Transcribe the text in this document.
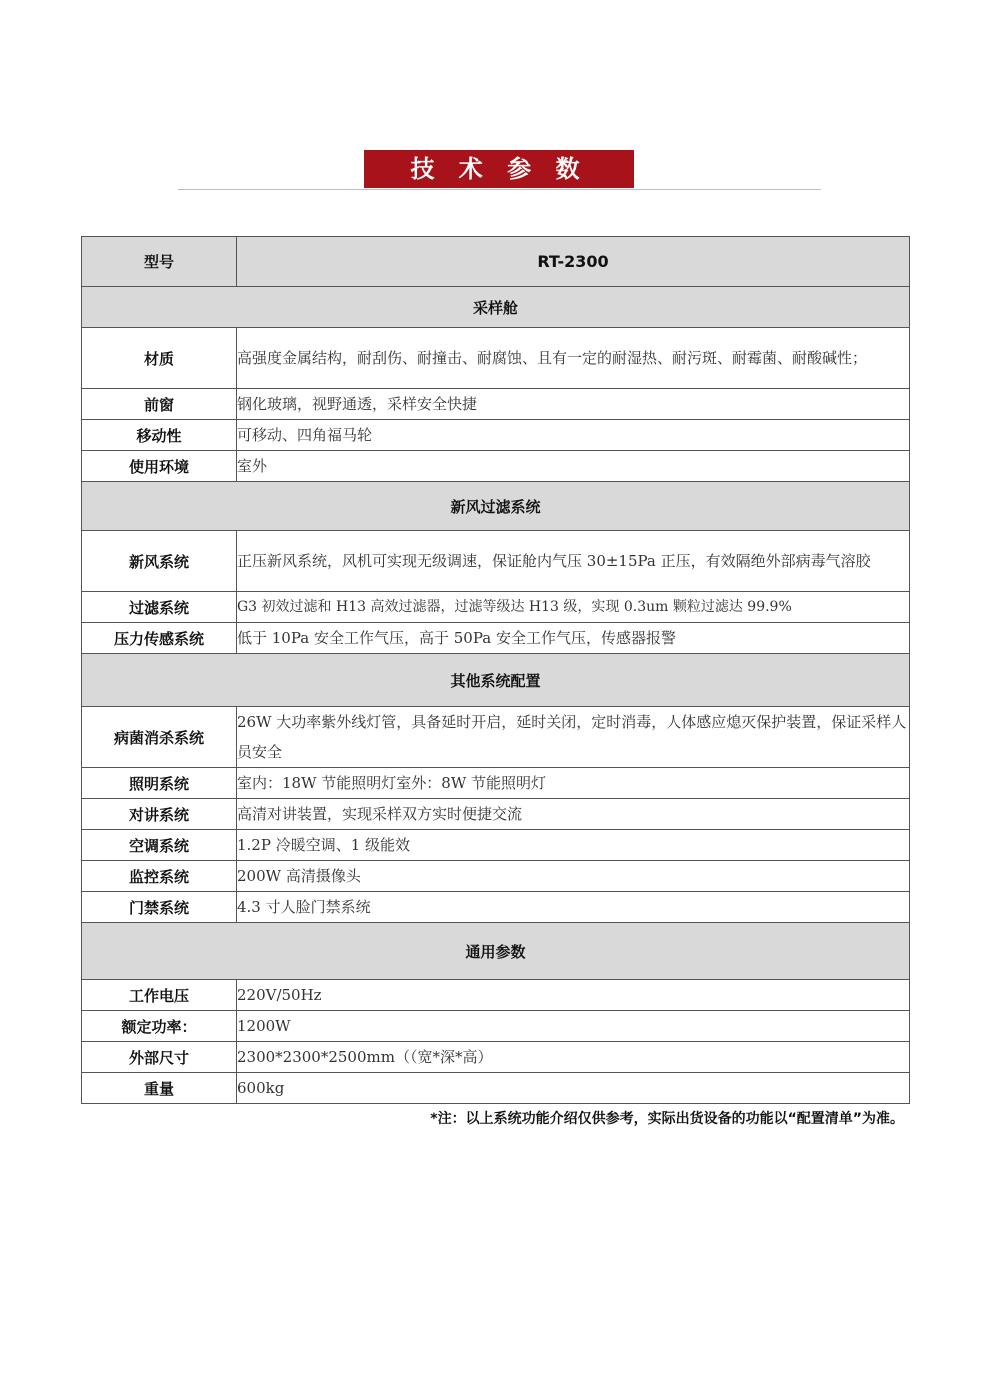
技 术 参 数
型号	RT-2300
采样舱	
材质	高强度金属结构，耐刮伤、耐撞击、耐腐蚀、且有一定的耐湿热、耐污斑、耐霉菌、耐酸碱性；
前窗	钢化玻璃，视野通透，采样安全快捷
移动性	可移动、四角福马轮
使用环境	室外
新风过滤系统	
新风系统	正压新风系统，风机可实现无级调速，保证舱内气压 30±15Pa 正压，有效隔绝外部病毒气溶胶
过滤系统	G3 初效过滤和 H13 高效过滤器，过滤等级达 H13 级，实现 0.3um 颗粒过滤达 99.9%
压力传感系统	低于 10Pa 安全工作气压，高于 50Pa 安全工作气压，传感器报警
其他系统配置	
病菌消杀系统	26W 大功率紫外线灯管，具备延时开启，延时关闭，定时消毒，人体感应熄灭保护装置，保证采样人员安全
照明系统	室内：18W 节能照明灯室外：8W 节能照明灯
对讲系统	高清对讲装置，实现采样双方实时便捷交流
空调系统	1.2P 冷暖空调、1 级能效
监控系统	200W 高清摄像头
门禁系统	4.3 寸人脸门禁系统
通用参数	
工作电压	220V/50Hz
额定功率：	1200W
外部尺寸	2300*2300*2500mm（（宽*深*高）
重量	600kg
*注：以上系统功能介绍仅供参考，实际出货设备的功能以“配置清单”为准。
